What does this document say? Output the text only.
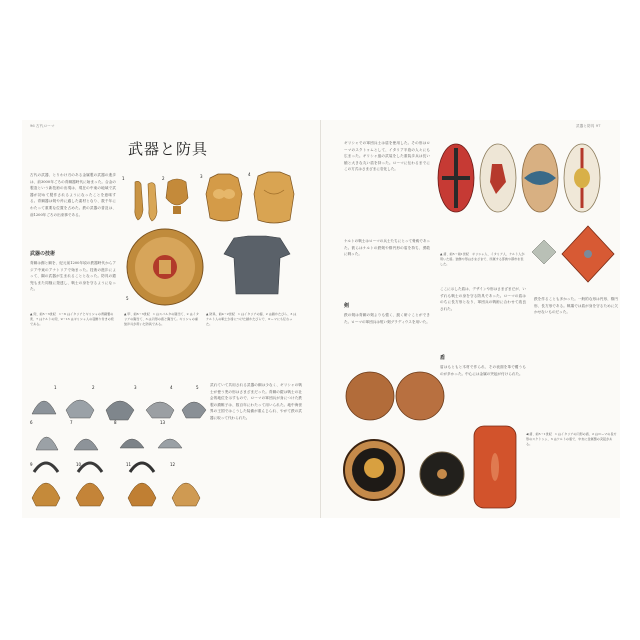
96 古代ローマ
武器と防具

古代の武器、とりわけ刃のある金属製の武器の進歩は、前3000年ごろの青銅器時代に始まった。合金の製造という新技術の出現は、現在の中東の地域で武器が初めて製作されるようになったことを意味する。青銅器は剣や斧に適した素材となり、数千年にわたって重要な位置を占めた。鉄の武器の普及は、前1200年ごろの出来事である。

武器の技術

青銅は錫と銅を、紀元前1200年頃の鉄器時代からアジア中東のアナトリアで始まった。技術の進歩によって、鋼の武器が生まれることとなった。防具の鎧兜もまた同様に発達し、戦士の身を守るようになった。

1	2	3	4
5
▲ 甲、前6〜3世紀　1 はスパルタの膝当て、2 はイタリアの胸当て、3 は円形の盾と胸当て。ギリシャの重装歩兵が用いた防具である。
▲ 防具、前4〜2世紀　1 はイタリアの鎧、2 は鎖かたびら、3 はケルト人の戦士が身につけた鎖かたびらで、ローマにも伝わった。
▲ 兜、前5〜3世紀　1〜6 はイタリアとギリシャの青銅製の兜、7 はケルトの兜、9〜13 はギリシャ人の羽飾り付きの兜である。
1	2	3	4	5
6	7	8
9	10	11	12
13

武れていて共用される武器の銅は少なく、ギリシャの戦士が使う兜の形はさまざまだった。青銅の鎧は戦士の社会的地位を示すもので、ローマの軍団兵が身につけた鉄製の鎖帷子は、数百年にわたって用いられた。地中海世界の王国ではこうした装備が重んじられ、やがて鉄の武器に取って代わられた。

武器と防具 97

ギリシャでの軍団兵士は盾を使用した。その形はローマのスクトゥムとして、イタリア半島の人々にも広まった。ギリシャ風の武装をした重装歩兵は長い槍と大きな丸い盾を持った。ローマに伝わるまでにこの方式はさまざまに変化した。

ケルトの戦士はローマの兵士たちにとって脅威であった。彼らはケルトの鉄剣や楕円形の盾を持ち、勇敢に戦った。	▲ 盾、前5〜前1世紀　ギリシャ人、イタリア人、ケルト人が用いた盾。装飾や形はさまざまで、所属する部族や都市を表した。

ここに示した盾は、デザインや形はさまざまだが、いずれも戦士の身を守る防具であった。ローマの盾はのちに長方形となり、軍団兵の戦術に合わせて改良された。

剣

鉄の剣は青銅の剣よりも強く、鋭く研ぐことができた。ローマの軍団兵は短い剣グラディウスを用いた。

盾

盾はもともと木材で作られ、その表面を革で覆うものが多かった。中心には金属の突起が付けられた。

鉄を作ることも多かった。一般的な形は円形、楕円形、長方形である。戦場では盾が身を守るために欠かせないものだった。

◀ 盾、前5〜1世紀　1 はイタリアの円形の盾、2 はローマの長方形のスクトゥム、3 はケルトの盾で、中央に金属製の突起がある。
